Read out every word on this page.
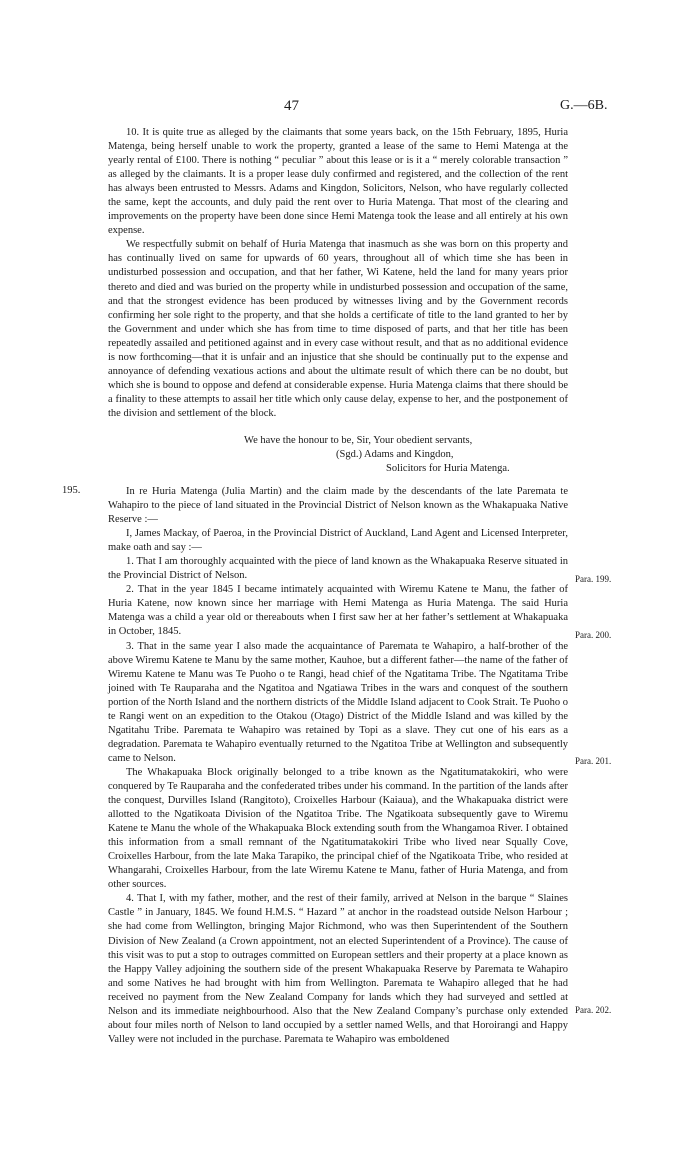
47	G.—6B.

10. It is quite true as alleged by the claimants that some years back, on the 15th February, 1895, Huria Matenga, being herself unable to work the property, granted a lease of the same to Hemi Matenga at the yearly rental of £100. There is nothing “ peculiar ” about this lease or is it a “ merely colorable transaction ” as alleged by the claimants. It is a proper lease duly confirmed and registered, and the collection of the rent has always been entrusted to Messrs. Adams and Kingdon, Solicitors, Nelson, who have regularly collected the same, kept the accounts, and duly paid the rent over to Huria Matenga. That most of the clearing and improvements on the property have been done since Hemi Matenga took the lease and all entirely at his own expense.

We respectfully submit on behalf of Huria Matenga that inasmuch as she was born on this property and has continually lived on same for upwards of 60 years, throughout all of which time she has been in undisturbed possession and occupation, and that her father, Wi Katene, held the land for many years prior thereto and died and was buried on the property while in undisturbed possession and occupation of the same, and that the strongest evidence has been produced by witnesses living and by the Government records confirming her sole right to the property, and that she holds a certificate of title to the land granted to her by the Government and under which she has from time to time disposed of parts, and that her title has been repeatedly assailed and petitioned against and in every case without result, and that as no additional evidence is now forthcoming—that it is unfair and an injustice that she should be continually put to the expense and annoyance of defending vexatious actions and about the ultimate result of which there can be no doubt, but which she is bound to oppose and defend at considerable expense. Huria Matenga claims that there should be a finality to these attempts to assail her title which only cause delay, expense to her, and the postponement of the division and settlement of the block.

We have the honour to be, Sir, Your obedient servants,
(Sgd.) Adams and Kingdon,
Solicitors for Huria Matenga.
195.	In re Huria Matenga (Julia Martin) and the claim made by the descendants of the late Paremata te Wahapiro to the piece of land situated in the Provincial District of Nelson known as the Whakapuaka Native Reserve :—

I, James Mackay, of Paeroa, in the Provincial District of Auckland, Land Agent and Licensed Interpreter, make oath and say :—

1. That I am thoroughly acquainted with the piece of land known as the Whakapuaka Reserve situated in the Provincial District of Nelson.

2. That in the year 1845 I became intimately acquainted with Wiremu Katene te Manu, the father of Huria Katene, now known since her marriage with Hemi Matenga as Huria Matenga. The said Huria Matenga was a child a year old or thereabouts when I first saw her at her father’s settlement at Whakapuaka in October, 1845.

3. That in the same year I also made the acquaintance of Paremata te Wahapiro, a half-brother of the above Wiremu Katene te Manu by the same mother, Kauhoe, but a different father—the name of the father of Wiremu Katene te Manu was Te Puoho o te Rangi, head chief of the Ngatitama Tribe. The Ngatitama Tribe joined with Te Rauparaha and the Ngatitoa and Ngatiawa Tribes in the wars and conquest of the southern portion of the North Island and the northern districts of the Middle Island adjacent to Cook Strait. Te Puoho o te Rangi went on an expedition to the Otakou (Otago) District of the Middle Island and was killed by the Ngatitahu Tribe. Paremata te Wahapiro was retained by Topi as a slave. They cut one of his ears as a degradation. Paremata te Wahapiro eventually returned to the Ngatitoa Tribe at Wellington and subsequently came to Nelson.

The Whakapuaka Block originally belonged to a tribe known as the Ngatitumatakokiri, who were conquered by Te Rauparaha and the confederated tribes under his command. In the partition of the lands after the conquest, Durvilles Island (Rangitoto), Croixelles Harbour (Kaiaua), and the Whakapuaka district were allotted to the Ngatikoata Division of the Ngatitoa Tribe. The Ngatikoata subsequently gave to Wiremu Katene te Manu the whole of the Whakapuaka Block extending south from the Whangamoa River. I obtained this information from a small remnant of the Ngatitumatakokiri Tribe who lived near Squally Cove, Croixelles Harbour, from the late Maka Tarapiko, the principal chief of the Ngatikoata Tribe, who resided at Whangarahi, Croixelles Harbour, from the late Wiremu Katene te Manu, father of Huria Matenga, and from other sources.

4. That I, with my father, mother, and the rest of their family, arrived at Nelson in the barque “ Slaines Castle ” in January, 1845. We found H.M.S. “ Hazard ” at anchor in the roadstead outside Nelson Harbour ; she had come from Wellington, bringing Major Richmond, who was then Superintendent of the Southern Division of New Zealand (a Crown appointment, not an elected Superintendent of a Province). The cause of this visit was to put a stop to outrages committed on European settlers and their property at a place known as the Happy Valley adjoining the southern side of the present Whakapuaka Reserve by Paremata te Wahapiro and some Natives he had brought with him from Wellington. Paremata te Wahapiro alleged that he had received no payment from the New Zealand Company for lands which they had surveyed and settled at Nelson and its immediate neighbourhood. Also that the New Zealand Company’s purchase only extended about four miles north of Nelson to land occupied by a settler named Wells, and that Horoirangi and Happy Valley were not included in the purchase. Paremata te Wahapiro was emboldened

Para. 199.
Para. 200.
Para. 201.
Para. 202.
